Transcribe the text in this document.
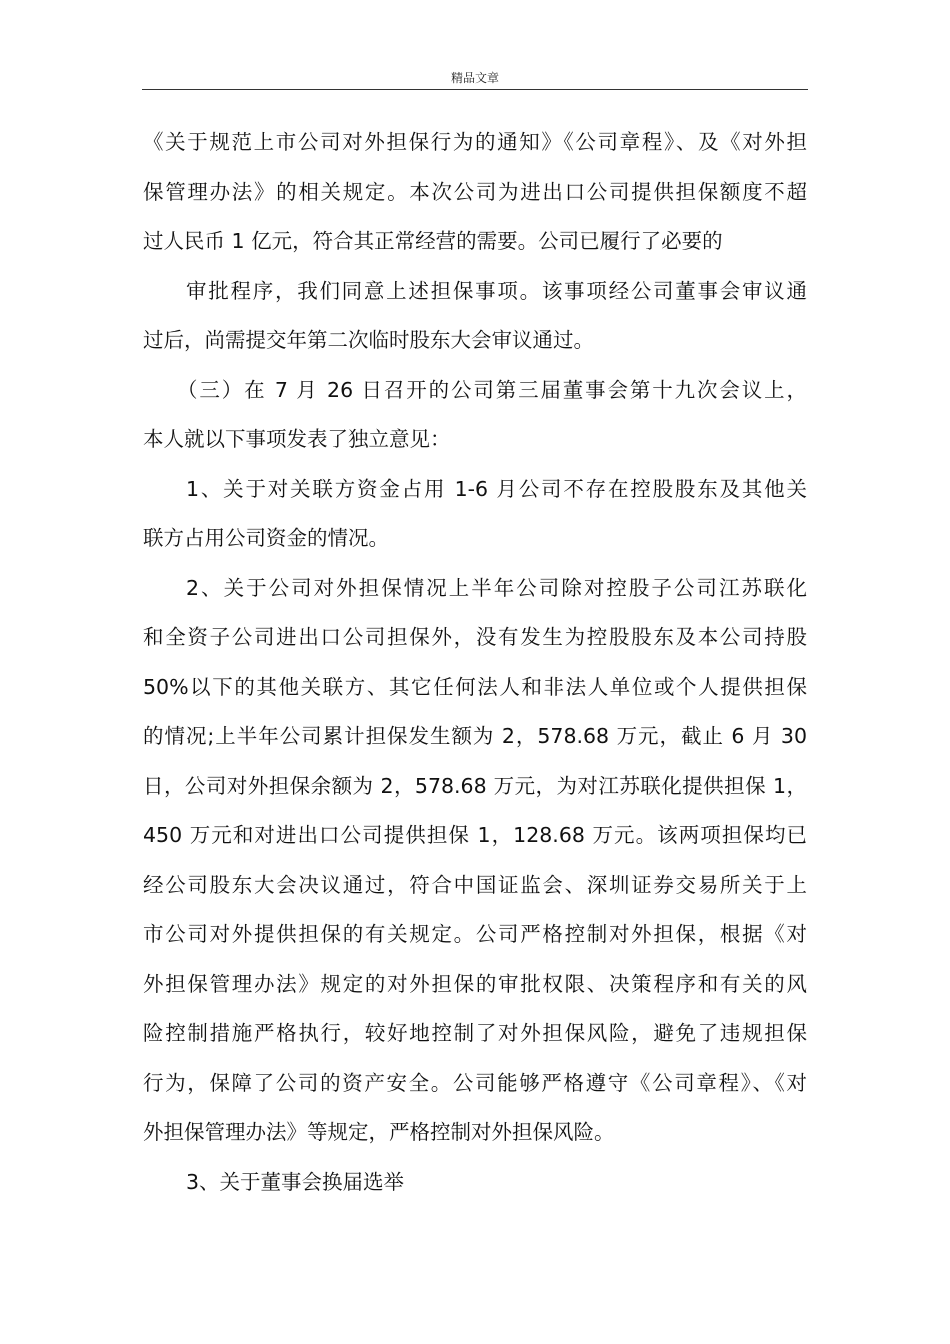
精品文章
《关于规范上市公司对外担保行为的通知》《公司章程》、及《对外担
保管理办法》的相关规定。本次公司为进出口公司提供担保额度不超
过人民币 1 亿元，符合其正常经营的需要。公司已履行了必要的
审批程序，我们同意上述担保事项。该事项经公司董事会审议通
过后，尚需提交年第二次临时股东大会审议通过。
（三）在 7 月 26 日召开的公司第三届董事会第十九次会议上，
本人就以下事项发表了独立意见：
1、关于对关联方资金占用 1-6 月公司不存在控股股东及其他关
联方占用公司资金的情况。
2、关于公司对外担保情况上半年公司除对控股子公司江苏联化
和全资子公司进出口公司担保外，没有发生为控股股东及本公司持股
50%以下的其他关联方、其它任何法人和非法人单位或个人提供担保
的情况;上半年公司累计担保发生额为 2，578.68 万元，截止 6 月 30
日，公司对外担保余额为 2，578.68 万元，为对江苏联化提供担保 1，
450 万元和对进出口公司提供担保 1，128.68 万元。该两项担保均已
经公司股东大会决议通过，符合中国证监会、深圳证券交易所关于上
市公司对外提供担保的有关规定。公司严格控制对外担保，根据《对
外担保管理办法》规定的对外担保的审批权限、决策程序和有关的风
险控制措施严格执行，较好地控制了对外担保风险，避免了违规担保
行为，保障了公司的资产安全。公司能够严格遵守《公司章程》、《对
外担保管理办法》等规定，严格控制对外担保风险。
3、关于董事会换届选举
